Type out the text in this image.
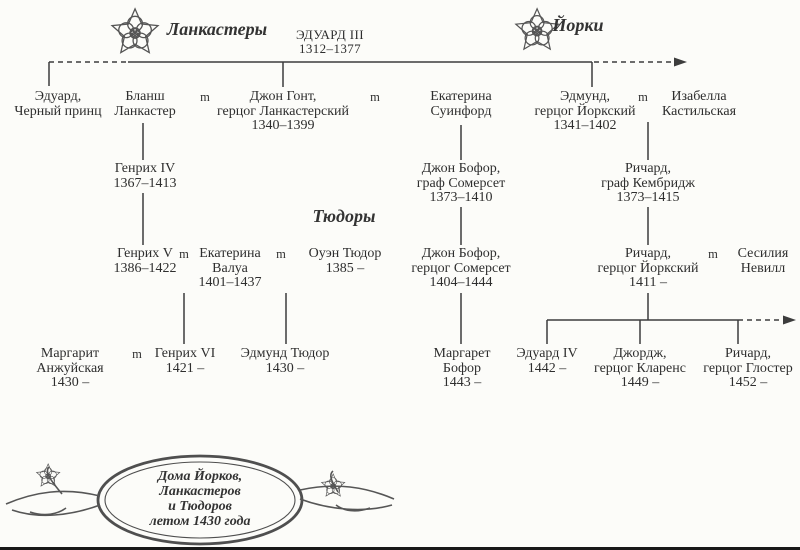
Ланкастеры	Йорки
ЭДУАРД III
1312–1377
Тюдоры
Эдуард,
Черный принц
Бланш
Ланкастер
Джон Гонт,
герцог Ланкастерский
1340–1399
Екатерина
Суинфорд
Эдмунд,
герцог Йоркский
1341–1402
Изабелла
Кастильская
Генрих IV
1367–1413
Джон Бофор,
граф Сомерсет
1373–1410
Ричард,
граф Кембридж
1373–1415
Генрих V
1386–1422
Екатерина
Валуа
1401–1437
Оуэн Тюдор
1385 –
Джон Бофор,
герцог Сомерсет
1404–1444
Ричард,
герцог Йоркский
1411 –
Сесилия
Невилл
Маргарит
Анжуйская
1430 –
Генрих VI
1421 –
Эдмунд Тюдор
1430 –
Маргарет
Бофор
1443 –
Эдуард IV
1442 –
Джордж,
герцог Кларенс
1449 –
Ричард,
герцог Глостер
1452 –
m	m	m
m	m	m
m
Дома Йорков,
Ланкастеров
и Тюдоров
летом 1430 года
